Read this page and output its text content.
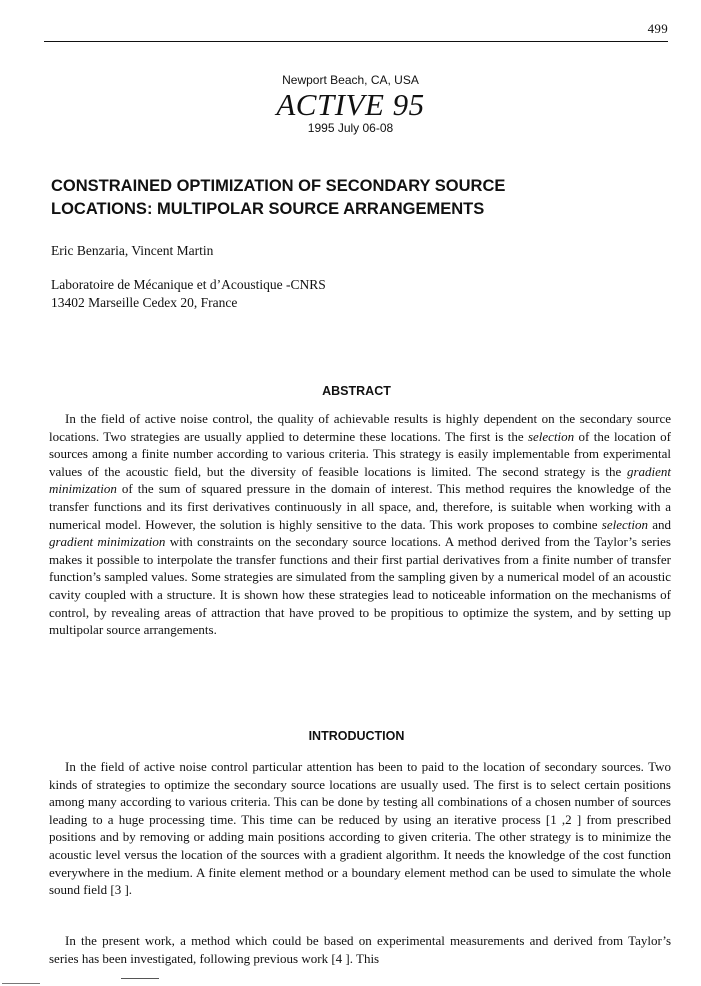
499
Newport Beach, CA, USA
ACTIVE 95
1995 July 06-08
CONSTRAINED OPTIMIZATION OF SECONDARY SOURCE
LOCATIONS: MULTIPOLAR SOURCE ARRANGEMENTS
Eric Benzaria, Vincent Martin
Laboratoire de Mécanique et d’Acoustique -CNRS
13402 Marseille Cedex 20, France
ABSTRACT

In the field of active noise control, the quality of achievable results is highly dependent on the secondary source locations. Two strategies are usually applied to determine these locations. The first is the selection of the location of sources among a finite number according to various criteria. This strategy is easily implementable from experimental values of the acoustic field, but the diversity of feasible locations is limited. The second strategy is the gradient minimization of the sum of squared pressure in the domain of interest. This method requires the knowledge of the transfer functions and its first derivatives continuously in all space, and, therefore, is suitable when working with a numerical model. However, the solution is highly sensitive to the data. This work proposes to combine selection and gradient minimization with constraints on the secondary source locations. A method derived from the Taylor’s series makes it possible to interpolate the transfer functions and their first partial derivatives from a finite number of transfer function’s sampled values. Some strategies are simulated from the sampling given by a numerical model of an acoustic cavity coupled with a structure. It is shown how these strategies lead to noticeable information on the mechanisms of control, by revealing areas of attraction that have proved to be propitious to optimize the system, and by setting up multipolar source arrangements.

INTRODUCTION

In the field of active noise control particular attention has been to paid to the location of secondary sources. Two kinds of strategies to optimize the secondary source locations are usually used. The first is to select certain positions among many according to various criteria. This can be done by testing all combinations of a chosen number of sources leading to a huge processing time. This time can be reduced by using an iterative process [1 ,2 ] from prescribed positions and by removing or adding main positions according to given criteria. The other strategy is to minimize the acoustic level versus the location of the sources with a gradient algorithm. It needs the knowledge of the cost function everywhere in the medium. A finite element method or a boundary element method can be used to simulate the whole sound field [3 ].

In the present work, a method which could be based on experimental measurements and derived from Taylor’s series has been investigated, following previous work [4 ]. This
